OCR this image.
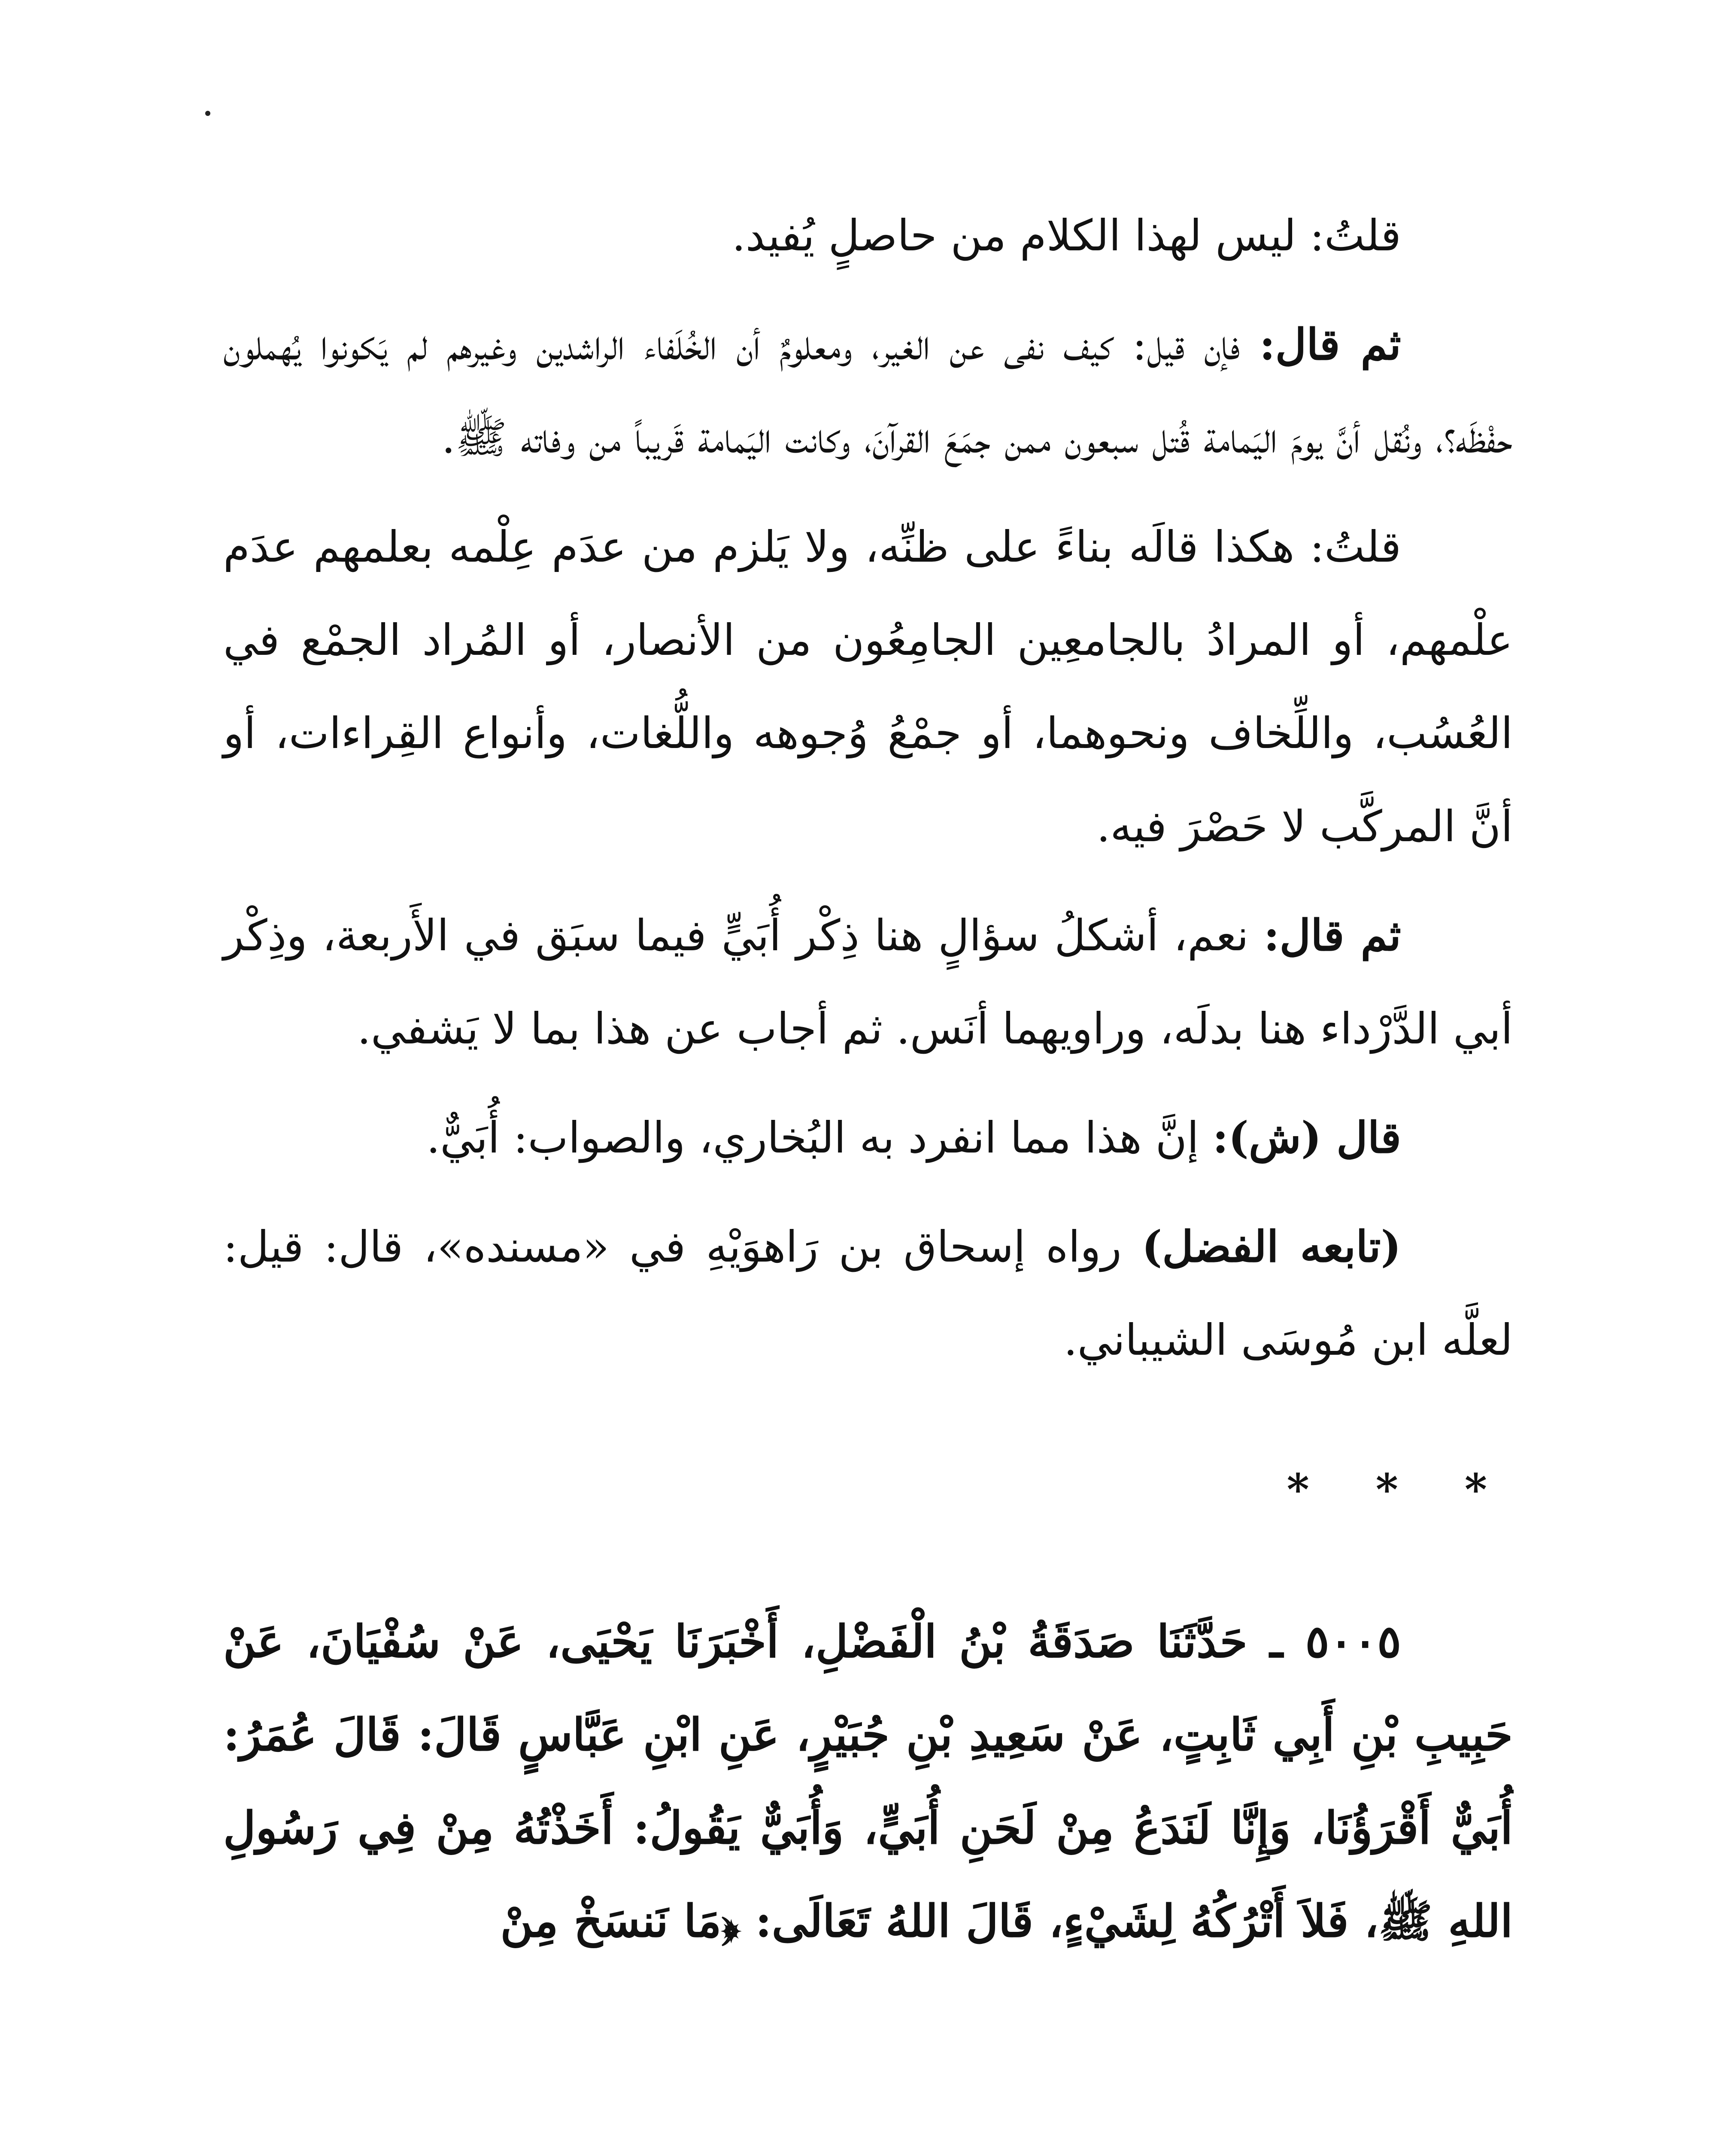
قلتُ: ليس لهذا الكلام من حاصلٍ يُفيد.

ثم قال: فإن قيل: كيف نفى عن الغير، ومعلومٌ أن الخُلَفاء الراشدين وغيرهم لم يَكونوا يُهملون حفْظَه؟، ونُقل أنَّ يومَ اليَمامة قُتل سبعون ممن جمَعَ القرآنَ، وكانت اليَمامة قَريباً من وفاته ﷺ.

قلتُ: هكذا قالَه بناءً على ظنِّه، ولا يَلزم من عدَم عِلْمه بعلمهم عدَم علْمهم، أو المرادُ بالجامعِين الجامِعُون من الأنصار، أو المُراد الجمْع في العُسُب، واللِّخاف ونحوهما، أو جمْعُ وُجوهه واللُّغات، وأنواع القِراءات، أو أنَّ المركَّب لا حَصْرَ فيه.

ثم قال: نعم، أشكلُ سؤالٍ هنا ذِكْر أُبَيٍّ فيما سبَق في الأَربعة، وذِكْر أبي الدَّرْداء هنا بدلَه، وراويهما أنَس. ثم أجاب عن هذا بما لا يَشفي.

قال (ش): إنَّ هذا مما انفرد به البُخاري، والصواب: أُبَيٌّ.

(تابعه الفضل) رواه إسحاق بن رَاهوَيْهِ في «مسنده»، قال: قيل: لعلَّه ابن مُوسَى الشيباني.

* * *

٥٠٠٥ ـ حَدَّثَنَا صَدَقَةُ بْنُ الْفَضْلِ، أَخْبَرَنَا يَحْيَى، عَنْ سُفْيَانَ، عَنْ حَبِيبِ بْنِ أَبِي ثَابِتٍ، عَنْ سَعِيدِ بْنِ جُبَيْرٍ، عَنِ ابْنِ عَبَّاسٍ قَالَ: قَالَ عُمَرُ: أُبَيٌّ أَقْرَؤُنَا، وَإِنَّا لَنَدَعُ مِنْ لَحَنِ أُبَيٍّ، وَأُبَيٌّ يَقُولُ: أَخَذْتُهُ مِنْ فِي رَسُولِ اللهِ ﷺ، فَلاَ أَتْرُكُهُ لِشَيْءٍ، قَالَ اللهُ تَعَالَى: ﴿مَا نَنسَخْ مِنْ
